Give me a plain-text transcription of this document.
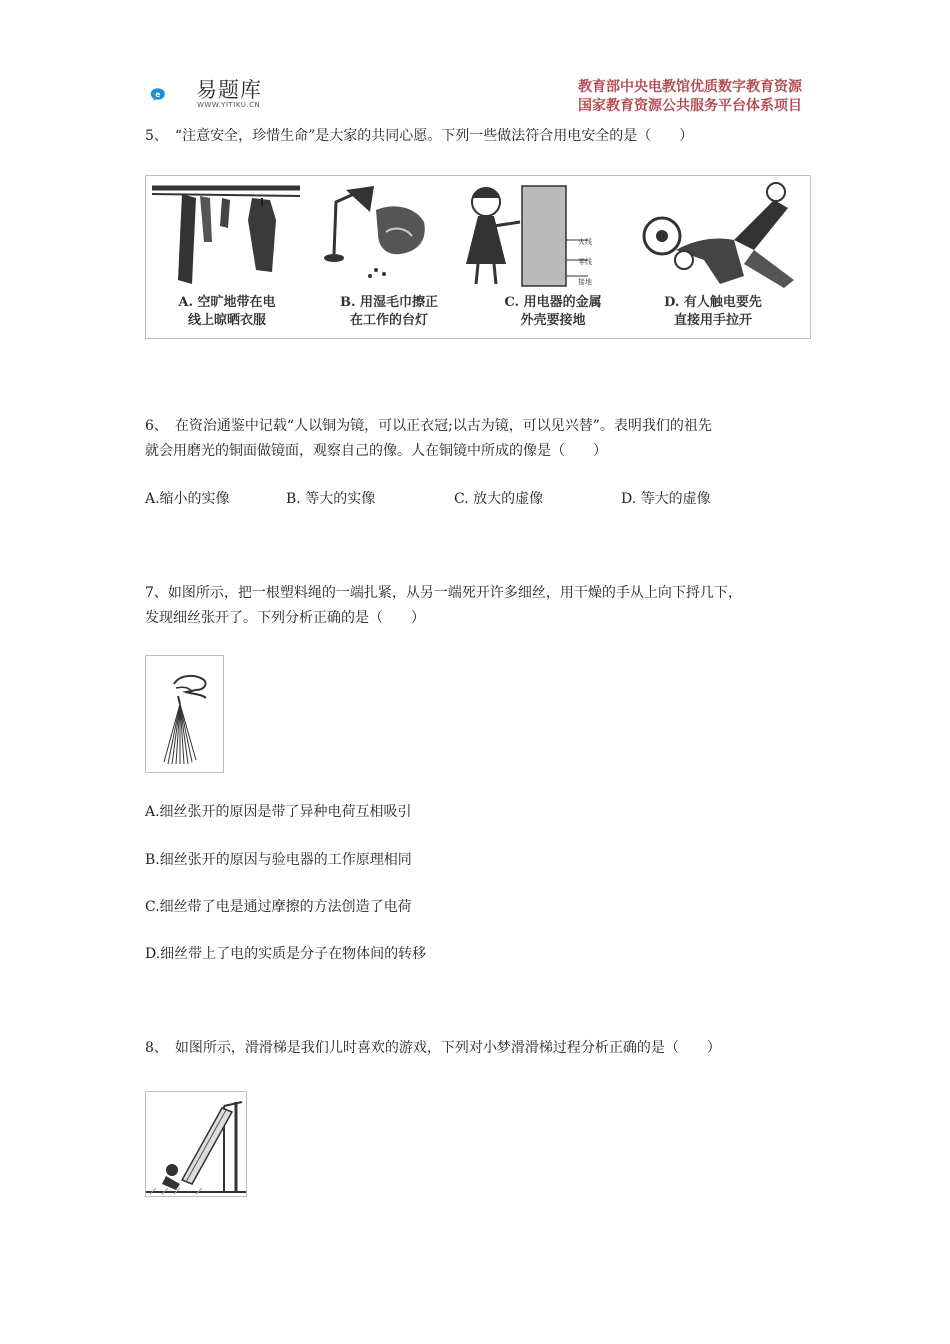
e 易题库
WWW.YITIKU.CN
教育部中央电教馆优质数字教育资源
国家教育资源公共服务平台体系项目
5、　“注意安全，珍惜生命”是大家的共同心愿。下列一些做法符合用电安全的是（　　）
火线
零线
接地
A. 空旷地带在电
线上晾晒衣服
B. 用湿毛巾擦正
在工作的台灯
C. 用电器的金属
外壳要接地
D. 有人触电要先
直接用手拉开
6、　在资治通鉴中记载“人以铜为镜，可以正衣冠;以古为镜，可以见兴替”。表明我们的祖先
就会用磨光的铜面做镜面，观察自己的像。人在铜镜中所成的像是（　　）
A.缩小的实像	B. 等大的实像	C. 放大的虚像	D. 等大的虚像
7、如图所示，把一根塑料绳的一端扎紧，从另一端死开许多细丝，用干燥的手从上向下捋几下，
发现细丝张开了。下列分析正确的是（　　）
A.细丝张开的原因是带了异种电荷互相吸引
B.细丝张开的原因与验电器的工作原理相同
C.细丝带了电是通过摩擦的方法创造了电荷
D.细丝带上了电的实质是分子在物体间的转移
8、　如图所示，滑滑梯是我们儿时喜欢的游戏，下列对小梦滑滑梯过程分析正确的是（　　）
